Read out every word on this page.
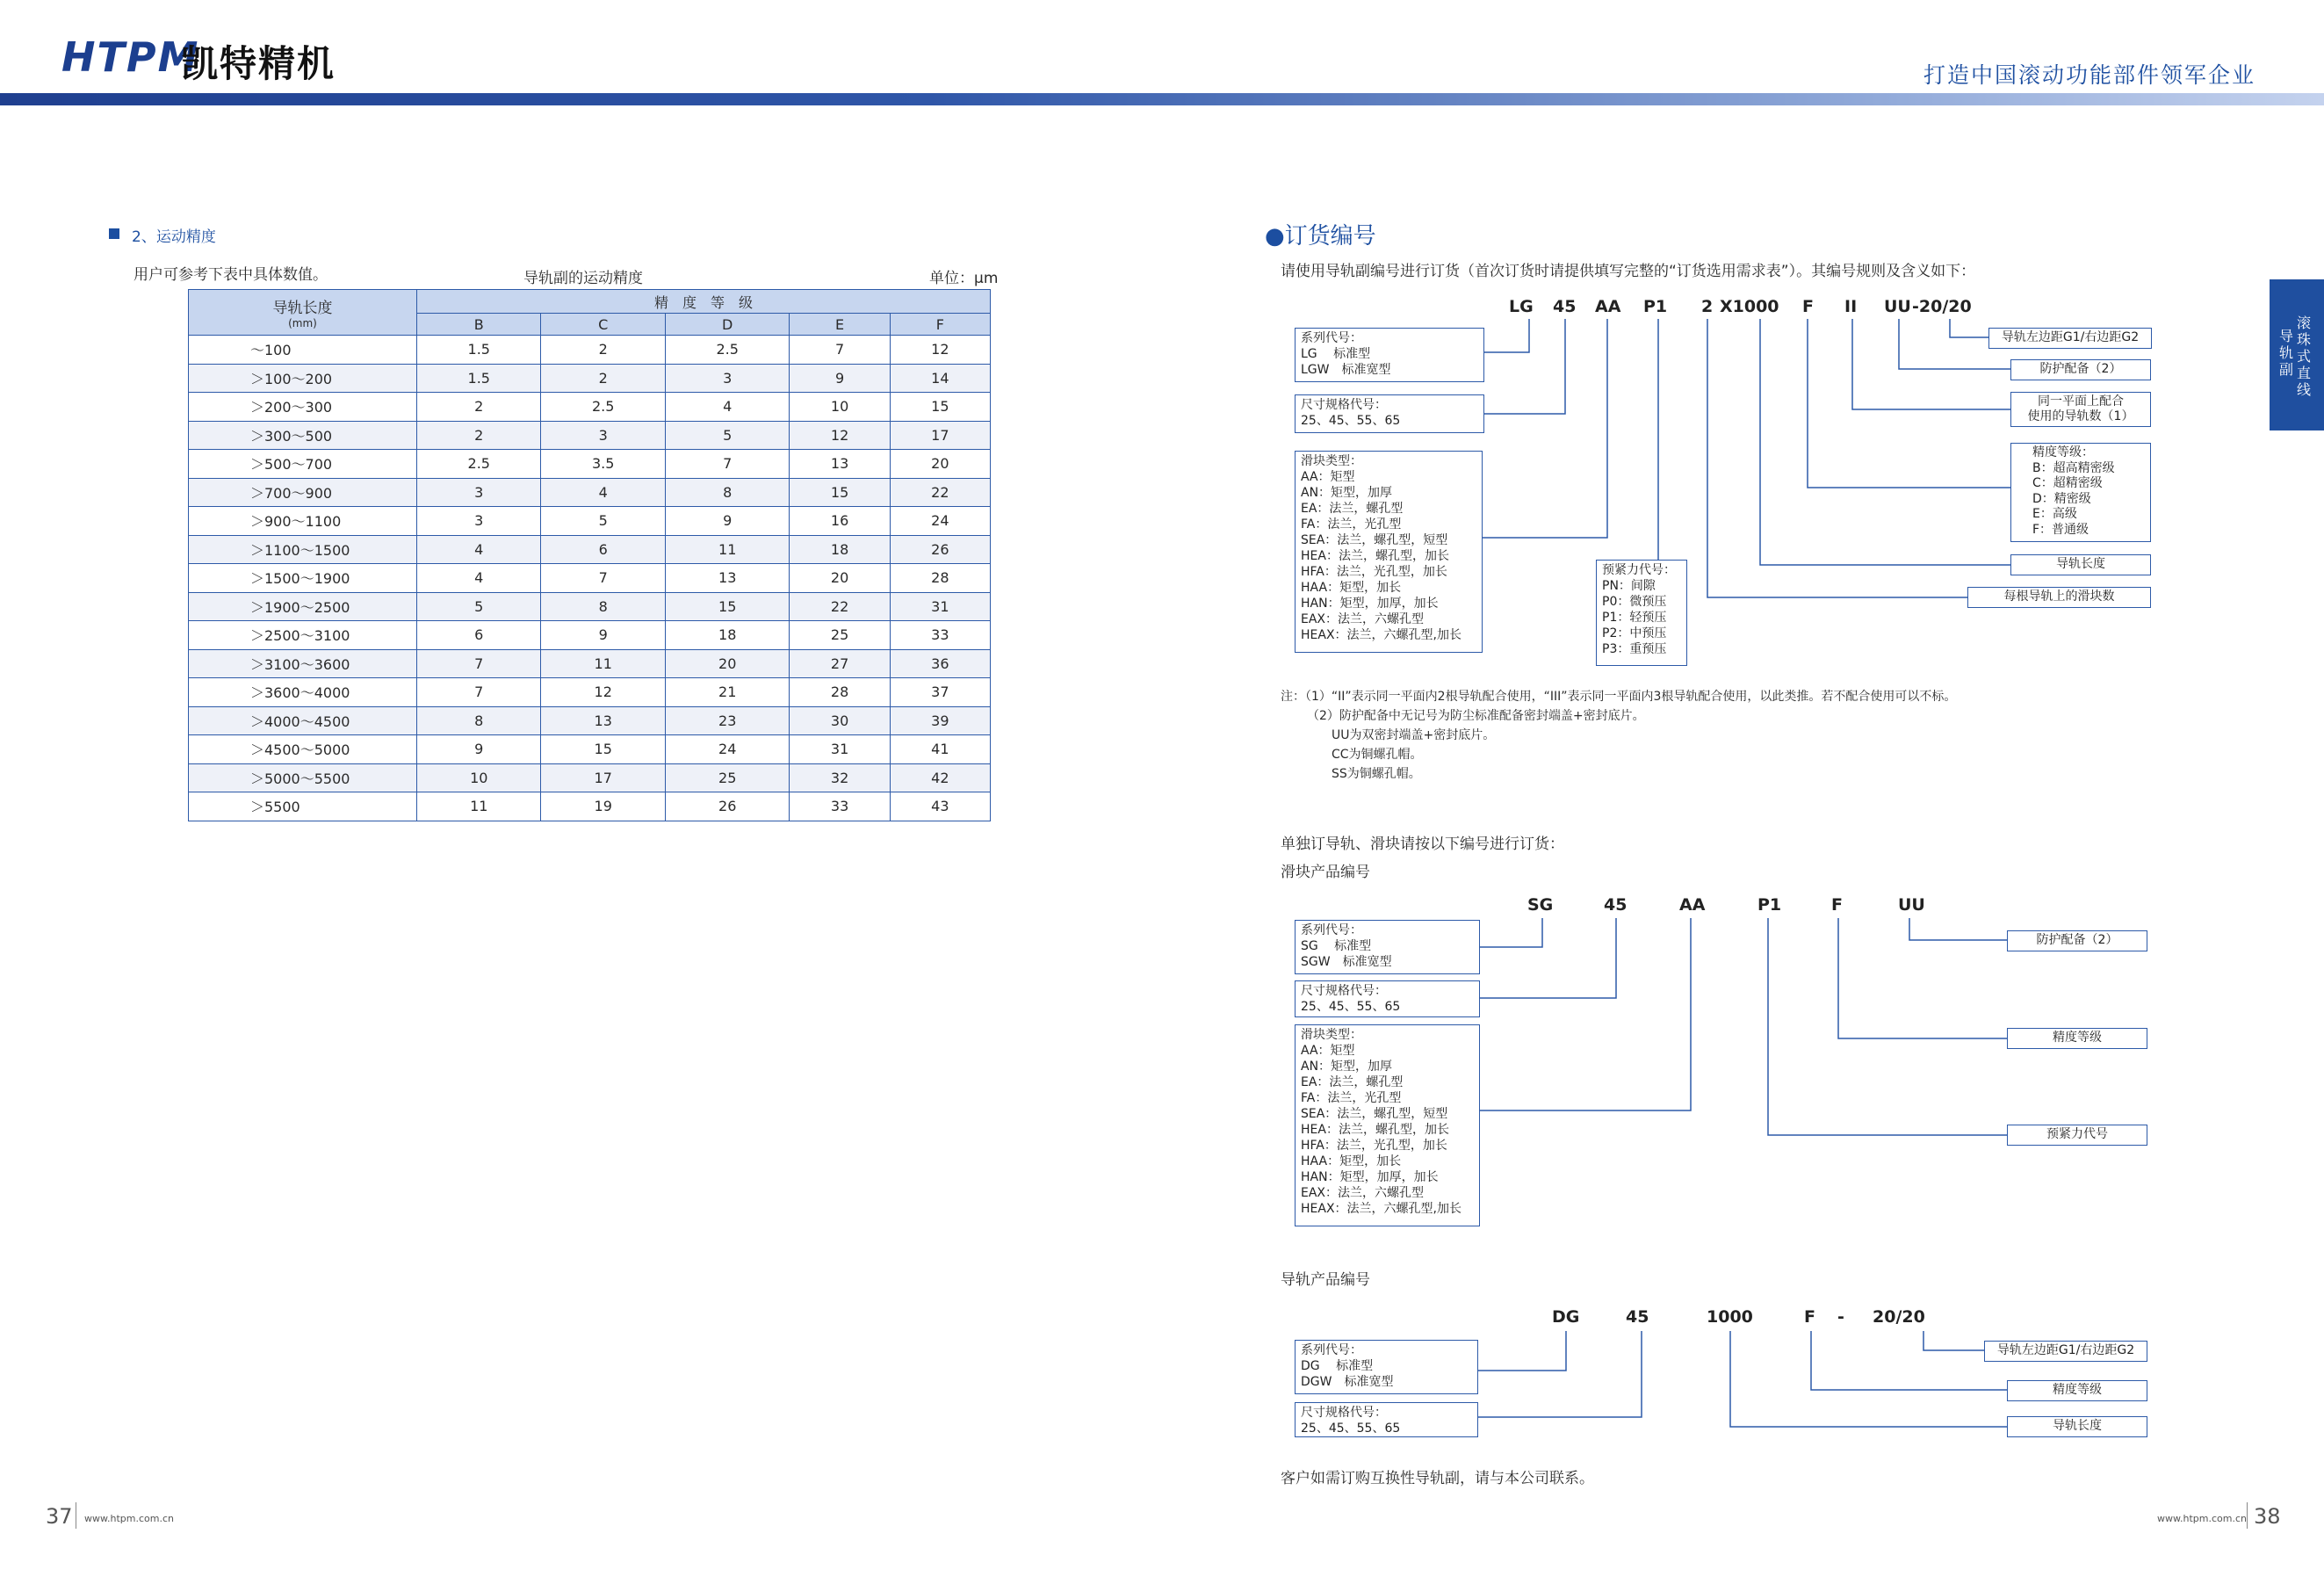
HTPM
凯特精机	打造中国滚动功能部件领军企业
滚
珠
式
直
线
导
轨
副
2、运动精度
用户可参考下表中具体数值。	导轨副的运动精度	单位：μm
导轨长度
(mm)	精　度　等　级				
	B	C	D	E	F
～100	1.5	2	2.5	7	12
＞100～200	1.5	2	3	9	14
＞200～300	2	2.5	4	10	15
＞300～500	2	3	5	12	17
＞500～700	2.5	3.5	7	13	20
＞700～900	3	4	8	15	22
＞900～1100	3	5	9	16	24
＞1100～1500	4	6	11	18	26
＞1500～1900	4	7	13	20	28
＞1900～2500	5	8	15	22	31
＞2500～3100	6	9	18	25	33
＞3100～3600	7	11	20	27	36
＞3600～4000	7	12	21	28	37
＞4000～4500	8	13	23	30	39
＞4500～5000	9	15	24	31	41
＞5000～5500	10	17	25	32	42
＞5500	11	19	26	33	43
●订货编号
请使用导轨副编号进行订货（首次订货时请提供填写完整的“订货选用需求表”）。其编号规则及含义如下：
LG 45 AA P1 2 X1000 F II UU -20/20
系列代号：
LG　 标准型
LGW　标准宽型
尺寸规格代号：
25、45、55、65
滑块类型：
AA：矩型
AN：矩型，加厚
EA：法兰，螺孔型
FA：法兰，光孔型
SEA：法兰，螺孔型，短型
HEA：法兰，螺孔型，加长
HFA：法兰，光孔型，加长
HAA：矩型，加长
HAN：矩型，加厚，加长
EAX：法兰，六螺孔型
HEAX：法兰，六螺孔型,加长
预紧力代号：
PN：间隙
P0：微预压
P1：轻预压
P2：中预压
P3：重预压
导轨左边距G1/右边距G2
防护配备（2）
同一平面上配合
使用的导轨数（1）
精度等级：
B：超高精密级
C：超精密级
D：精密级
E：高级
F：普通级
导轨长度
每根导轨上的滑块数
注：（1）“II”表示同一平面内2根导轨配合使用，“III”表示同一平面内3根导轨配合使用，以此类推。若不配合使用可以不标。
（2）防护配备中无记号为防尘标准配备密封端盖+密封底片。
UU为双密封端盖+密封底片。
CC为铜螺孔帽。
SS为铜螺孔帽。
单独订导轨、滑块请按以下编号进行订货：
滑块产品编号
SG	45	AA	P1	F	UU
系列代号：
SG　 标准型
SGW　标准宽型
尺寸规格代号：
25、45、55、65
滑块类型：
AA：矩型
AN：矩型，加厚
EA：法兰，螺孔型
FA：法兰，光孔型
SEA：法兰，螺孔型，短型
HEA：法兰，螺孔型，加长
HFA：法兰，光孔型，加长
HAA：矩型，加长
HAN：矩型，加厚，加长
EAX：法兰，六螺孔型
HEAX：法兰，六螺孔型,加长
防护配备（2）
精度等级
预紧力代号
导轨产品编号
DG	45	1000	F - 20/20
系列代号：
DG　 标准型
DGW　标准宽型
尺寸规格代号：
25、45、55、65
导轨左边距G1/右边距G2
精度等级
导轨长度
客户如需订购互换性导轨副，请与本公司联系。
37 www.htpm.com.cn	www.htpm.com.cn 38
